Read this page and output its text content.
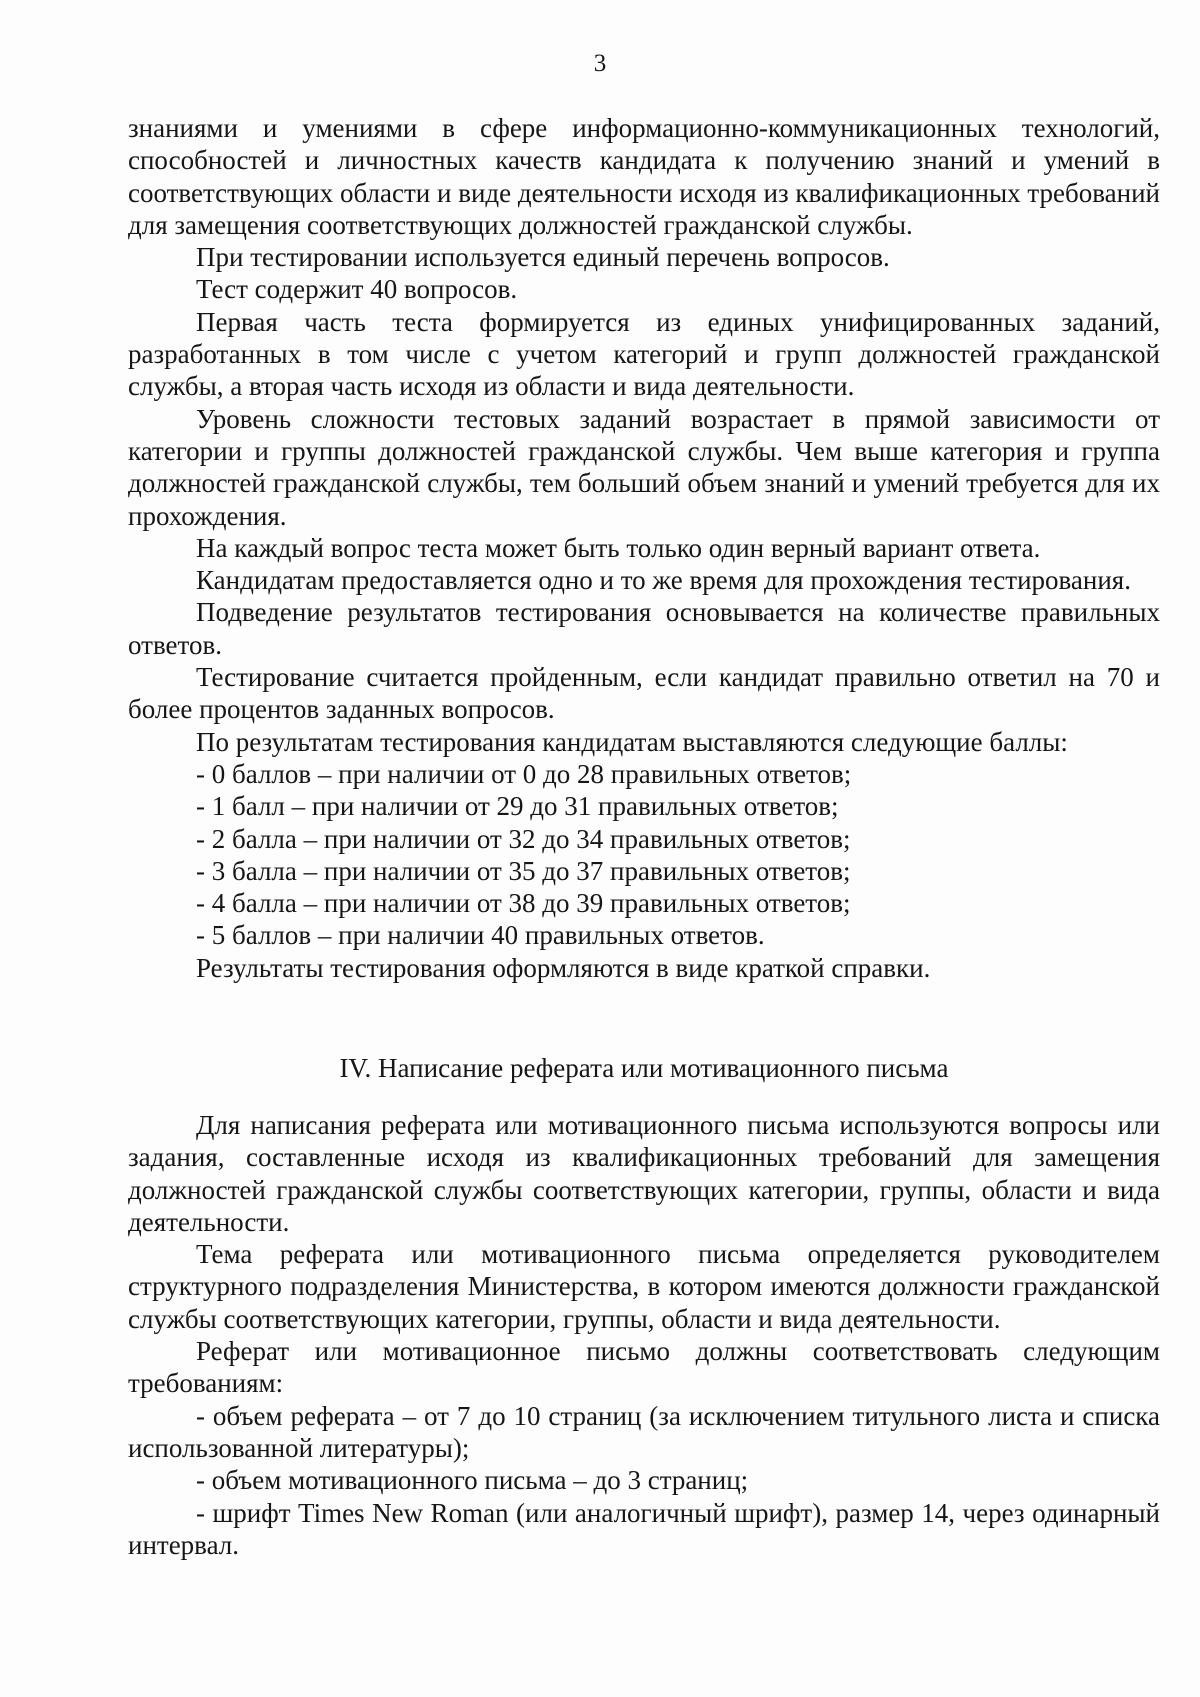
3

знаниями и умениями в сфере информационно-коммуникационных технологий, способностей и личностных качеств кандидата к получению знаний и умений в соответствующих области и виде деятельности исходя из квалификационных требований для замещения соответствующих должностей гражданской службы.

При тестировании используется единый перечень вопросов.

Тест содержит 40 вопросов.

Первая часть теста формируется из единых унифицированных заданий, разработанных в том числе с учетом категорий и групп должностей гражданской службы, а вторая часть исходя из области и вида деятельности.

Уровень сложности тестовых заданий возрастает в прямой зависимости от категории и группы должностей гражданской службы. Чем выше категория и группа должностей гражданской службы, тем больший объем знаний и умений требуется для их прохождения.

На каждый вопрос теста может быть только один верный вариант ответа.

Кандидатам предоставляется одно и то же время для прохождения тестирования.

Подведение результатов тестирования основывается на количестве правильных ответов.

Тестирование считается пройденным, если кандидат правильно ответил на 70 и более процентов заданных вопросов.

По результатам тестирования кандидатам выставляются следующие баллы:

- 0 баллов – при наличии от 0 до 28 правильных ответов;

- 1 балл – при наличии от 29 до 31 правильных ответов;

- 2 балла – при наличии от 32 до 34 правильных ответов;

- 3 балла – при наличии от 35 до 37 правильных ответов;

- 4 балла – при наличии от 38 до 39 правильных ответов;

- 5 баллов – при наличии 40 правильных ответов.

Результаты тестирования оформляются в виде краткой справки.

IV. Написание реферата или мотивационного письма

Для написания реферата или мотивационного письма используются вопросы или задания, составленные исходя из квалификационных требований для замещения должностей гражданской службы соответствующих категории, группы, области и вида деятельности.

Тема реферата или мотивационного письма определяется руководителем структурного подразделения Министерства, в котором имеются должности гражданской службы соответствующих категории, группы, области и вида деятельности.

Реферат или мотивационное письмо должны соответствовать следующим требованиям:

- объем реферата – от 7 до 10 страниц (за исключением титульного листа и списка использованной литературы);

- объем мотивационного письма – до 3 страниц;

- шрифт Times New Roman (или аналогичный шрифт), размер 14, через одинарный интервал.
